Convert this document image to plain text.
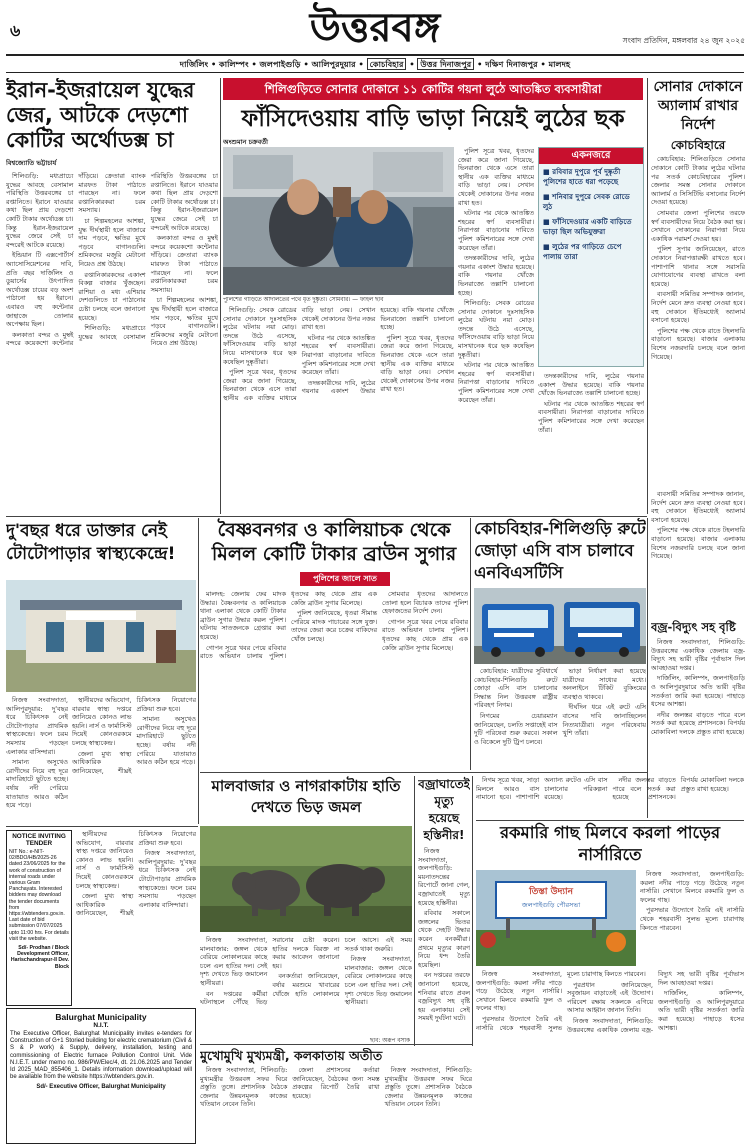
৬	উত্তরবঙ্গ	সংবাদ প্রতিদিন, মঙ্গলবার ২৪ জুন ২০২৫
দার্জিলিং • কালিম্পং • জলপাইগুড়ি • আলিপুরদুয়ার • কোচবিহার • উত্তর দিনাজপুর • দক্ষিণ দিনাজপুর • মালদহ
ইরান-ইজরায়েল যুদ্ধের জের, আটকে দেড়শো কোটির অর্থোডক্স চা
বিশ্বজ্যোতি ভট্টাচার্য

শিলিগুড়ি: মধ্যপ্রাচ্যে যুদ্ধের আবহে বেসামাল পরিস্থিতি উত্তরবঙ্গের চা রপ্তানিতে। ইরানে যাওয়ার কথা ছিল প্রায় দেড়শো কোটি টাকার অর্থোডক্স চা। কিন্তু ইরান-ইজরায়েল যুদ্ধের জেরে সেই চা বন্দরেই আটকে রয়েছে।

ইন্ডিয়ান টি এক্সপোর্টার্স অ্যাসোসিয়েশনের দাবি, প্রতি বছর দার্জিলিং ও ডুয়ার্সের উৎপাদিত অর্থোডক্স চায়ের বড় অংশ পাঠানো হয় ইরানে। এবারও বহু কন্টেনার জাহাজে তোলার অপেক্ষায় ছিল।

কলকাতা বন্দর ও মুম্বই বন্দরে কয়েকশো কন্টেনার দাঁড়িয়ে। ক্রেতারা ব্যাংক মারফত টাকা পাঠাতে পারছেন না। ফলে রপ্তানিকারকরা চরম সমস্যায়।

চা শিল্পমহলের আশঙ্কা, যুদ্ধ দীর্ঘস্থায়ী হলে বাজারে দাম পড়বে, ক্ষতির মুখে পড়বে বাগানগুলি। শ্রমিকদের মজুরি মেটানো নিয়েও প্রশ্ন উঠছে।

রপ্তানিকারকদের একাংশ বিকল্প বাজার খুঁজছেন। রাশিয়া ও মধ্য এশিয়ার দেশগুলিতে চা পাঠানোর চেষ্টা চলছে বলে জানানো হয়েছে।

শিলিগুড়ি: মধ্যপ্রাচ্যে যুদ্ধের আবহে বেসামাল পরিস্থিতি উত্তরবঙ্গের চা রপ্তানিতে। ইরানে যাওয়ার কথা ছিল প্রায় দেড়শো কোটি টাকার অর্থোডক্স চা। কিন্তু ইরান-ইজরায়েল যুদ্ধের জেরে সেই চা বন্দরেই আটকে রয়েছে।

কলকাতা বন্দর ও মুম্বই বন্দরে কয়েকশো কন্টেনার দাঁড়িয়ে। ক্রেতারা ব্যাংক মারফত টাকা পাঠাতে পারছেন না। ফলে রপ্তানিকারকরা চরম সমস্যায়।

চা শিল্পমহলের আশঙ্কা, যুদ্ধ দীর্ঘস্থায়ী হলে বাজারে দাম পড়বে, ক্ষতির মুখে পড়বে বাগানগুলি। শ্রমিকদের মজুরি মেটানো নিয়েও প্রশ্ন উঠছে।

শিলিগুড়িতে সোনার দোকানে ১১ কোটির গয়না লুঠে আতঙ্কিত ব্যবসায়ীরা
ফাঁসিদেওয়ায় বাড়ি ভাড়া নিয়েই লুঠের ছক
অংশুমান চক্রবর্তী
পুলিশের গাড়িতে আদালতের পথে ধৃত দুষ্কৃতী। সোমবার। — ফাইল ছবি

শিলিগুড়ি: সেবক রোডের সোনার দোকানে দুঃসাহসিক লুঠের ঘটনায় নয়া মোড়। তদন্তে উঠে এসেছে, ফাঁসিদেওয়ায় বাড়ি ভাড়া নিয়ে মাসখানেক ধরে ছক কষেছিল দুষ্কৃতীরা।

পুলিশ সূত্রে খবর, ধৃতদের জেরা করে জানা গিয়েছে, ভিনরাজ্য থেকে এসে তারা স্থানীয় এক ব্যক্তির মাধ্যমে বাড়ি ভাড়া নেয়। সেখান থেকেই দোকানের উপর নজর রাখা হত।

ঘটনার পর থেকে আতঙ্কিত শহরের স্বর্ণ ব্যবসায়ীরা। নিরাপত্তা বাড়ানোর দাবিতে পুলিশ কমিশনারের সঙ্গে দেখা করেছেন তাঁরা।

তদন্তকারীদের দাবি, লুঠের গয়নার একাংশ উদ্ধার হয়েছে। বাকি গয়নার খোঁজে ভিনরাজ্যে তল্লাশি চালানো হচ্ছে।

পুলিশ সূত্রে খবর, ধৃতদের জেরা করে জানা গিয়েছে, ভিনরাজ্য থেকে এসে তারা স্থানীয় এক ব্যক্তির মাধ্যমে বাড়ি ভাড়া নেয়। সেখান থেকেই দোকানের উপর নজর রাখা হত।

পুলিশ সূত্রে খবর, ধৃতদের জেরা করে জানা গিয়েছে, ভিনরাজ্য থেকে এসে তারা স্থানীয় এক ব্যক্তির মাধ্যমে বাড়ি ভাড়া নেয়। সেখান থেকেই দোকানের উপর নজর রাখা হত।

ঘটনার পর থেকে আতঙ্কিত শহরের স্বর্ণ ব্যবসায়ীরা। নিরাপত্তা বাড়ানোর দাবিতে পুলিশ কমিশনারের সঙ্গে দেখা করেছেন তাঁরা।

তদন্তকারীদের দাবি, লুঠের গয়নার একাংশ উদ্ধার হয়েছে। বাকি গয়নার খোঁজে ভিনরাজ্যে তল্লাশি চালানো হচ্ছে।

শিলিগুড়ি: সেবক রোডের সোনার দোকানে দুঃসাহসিক লুঠের ঘটনায় নয়া মোড়। তদন্তে উঠে এসেছে, ফাঁসিদেওয়ায় বাড়ি ভাড়া নিয়ে মাসখানেক ধরে ছক কষেছিল দুষ্কৃতীরা।

ঘটনার পর থেকে আতঙ্কিত শহরের স্বর্ণ ব্যবসায়ীরা। নিরাপত্তা বাড়ানোর দাবিতে পুলিশ কমিশনারের সঙ্গে দেখা করেছেন তাঁরা।

একনজরে
■ রবিবার দুপুরে পূর্ব দুষ্কৃতী পুলিশের হাতে ধরা পড়েছে
■ শনিবার দুপুরে সেবক রোডে লুঠ
■ ফাঁসিদেওয়ার একটি বাড়িতে ভাড়া ছিল অভিযুক্তরা
■ লুঠের পর গাড়িতে চেপে পালায় তারা

তদন্তকারীদের দাবি, লুঠের গয়নার একাংশ উদ্ধার হয়েছে। বাকি গয়নার খোঁজে ভিনরাজ্যে তল্লাশি চালানো হচ্ছে।

ঘটনার পর থেকে আতঙ্কিত শহরের স্বর্ণ ব্যবসায়ীরা। নিরাপত্তা বাড়ানোর দাবিতে পুলিশ কমিশনারের সঙ্গে দেখা করেছেন তাঁরা।

সোনার দোকানে অ্যালার্ম রাখার নির্দেশ
কোচবিহারে

কোচবিহার: শিলিগুড়িতে সোনার দোকানে কোটি টাকার লুঠের ঘটনার পর সতর্ক কোচবিহারের পুলিশ। জেলার সমস্ত সোনার দোকানে অ্যালার্ম ও সিসিটিভি বসানোর নির্দেশ দেওয়া হয়েছে।

সোমবার জেলা পুলিশের তরফে স্বর্ণ ব্যবসায়ীদের নিয়ে বৈঠক করা হয়। সেখানে দোকানের নিরাপত্তা নিয়ে একাধিক পরামর্শ দেওয়া হয়।

পুলিশ সুপার জানিয়েছেন, রাতে দোকানে নিরাপত্তারক্ষী রাখতে হবে। পাশাপাশি থানার সঙ্গে সরাসরি যোগাযোগের ব্যবস্থা রাখতে বলা হয়েছে।

ব্যবসায়ী সমিতির সম্পাদক জানান, নির্দেশ মেনে দ্রুত ব্যবস্থা নেওয়া হবে। বহু দোকানে ইতিমধ্যেই অ্যালার্ম বসানো হয়েছে।

পুলিশের পক্ষ থেকে রাতে টহলদারি বাড়ানো হয়েছে। বাজার এলাকায় বিশেষ নজরদারি চলছে বলে জানা গিয়েছে।

বৈষ্ণবনগর ও কালিয়াচক থেকে মিলল কোটি টাকার ব্রাউন সুগার
পুলিশের জালে সাত

মালদহ: জেলায় ফের মাদক উদ্ধার। বৈষ্ণবনগর ও কালিয়াচক থানা এলাকা থেকে কোটি টাকার ব্রাউন সুগার উদ্ধার করল পুলিশ। ঘটনায় সাতজনকে গ্রেপ্তার করা হয়েছে।

গোপন সূত্রে খবর পেয়ে রবিবার রাতে অভিযান চালায় পুলিশ। ধৃতদের কাছ থেকে প্রায় এক কেজি ব্রাউন সুগার মিলেছে।

পুলিশ জানিয়েছে, ধৃতরা সীমান্ত পেরিয়ে মাদক পাচারের সঙ্গে যুক্ত। তাদের জেরা করে চক্রের বাকিদের খোঁজ চলছে।

সোমবার ধৃতদের আদালতে তোলা হলে বিচারক তাদের পুলিশ হেফাজতের নির্দেশ দেন।

গোপন সূত্রে খবর পেয়ে রবিবার রাতে অভিযান চালায় পুলিশ। ধৃতদের কাছ থেকে প্রায় এক কেজি ব্রাউন সুগার মিলেছে।

দু'বছর ধরে ডাক্তার নেই টোটোপাড়ার স্বাস্থ্যকেন্দ্রে!

নিজস্ব সংবাদদাতা, আলিপুরদুয়ার: দু'বছর ধরে চিকিৎসক নেই টোটোপাড়ার প্রাথমিক স্বাস্থ্যকেন্দ্রে। ফলে চরম সমস্যায় পড়ছেন এলাকার বাসিন্দারা।

সামান্য অসুখেও রোগীদের নিয়ে বহু দূরে মাদারিহাটে ছুটতে হচ্ছে। বর্ষায় নদী পেরিয়ে যাতায়াত আরও কঠিন হয়ে পড়ে।

স্থানীয়দের অভিযোগ, বারবার স্বাস্থ্য দপ্তরে জানিয়েও কোনও লাভ হয়নি। নার্স ও ফার্মাসিস্ট দিয়েই কোনওরকমে চলছে স্বাস্থ্যকেন্দ্র।

জেলা মুখ্য স্বাস্থ্য আধিকারিক জানিয়েছেন, শীঘ্রই চিকিৎসক নিয়োগের প্রক্রিয়া শুরু হবে।

সামান্য অসুখেও রোগীদের নিয়ে বহু দূরে মাদারিহাটে ছুটতে হচ্ছে। বর্ষায় নদী পেরিয়ে যাতায়াত আরও কঠিন হয়ে পড়ে।

কোচবিহার-শিলিগুড়ি রুটে জোড়া এসি বাস চালাবে এনবিএসটিসি

কোচবিহার: যাত্রীদের সুবিধার্থে কোচবিহার-শিলিগুড়ি রুটে জোড়া এসি বাস চালানোর সিদ্ধান্ত নিল উত্তরবঙ্গ রাষ্ট্রীয় পরিবহণ নিগম।

নিগমের চেয়ারম্যান জানিয়েছেন, চলতি সপ্তাহেই বাস দুটি পরিষেবা শুরু করবে। সকাল ও বিকেলে দুটি ট্রিপ চলবে।

ভাড়া নির্ধারণ করা হয়েছে যাত্রীদের সাধ্যের মধ্যে। অনলাইনে টিকিট বুকিংয়ের ব্যবস্থাও থাকবে।

দীর্ঘদিন ধরে এই রুটে এসি বাসের দাবি জানাচ্ছিলেন নিত্যযাত্রীরা। নতুন পরিষেবায় খুশি তাঁরা।

ব্যবসায়ী সমিতির সম্পাদক জানান, নির্দেশ মেনে দ্রুত ব্যবস্থা নেওয়া হবে। বহু দোকানে ইতিমধ্যেই অ্যালার্ম বসানো হয়েছে।

পুলিশের পক্ষ থেকে রাতে টহলদারি বাড়ানো হয়েছে। বাজার এলাকায় বিশেষ নজরদারি চলছে বলে জানা গিয়েছে।

বজ্র-বিদ্যুৎ সহ বৃষ্টি

নিজস্ব সংবাদদাতা, শিলিগুড়ি: উত্তরবঙ্গের একাধিক জেলায় বজ্র-বিদ্যুৎ সহ ভারী বৃষ্টির পূর্বাভাস দিল আবহাওয়া দপ্তর।

দার্জিলিং, কালিম্পং, জলপাইগুড়ি ও আলিপুরদুয়ারে অতি ভারী বৃষ্টির সতর্কতা জারি করা হয়েছে। পাহাড়ে ধসের আশঙ্কা।

নদীর জলস্তর বাড়তে পারে বলে সতর্ক করা হয়েছে প্রশাসনকে। বিপর্যয় মোকাবিলা দলকে প্রস্তুত রাখা হয়েছে।

মালবাজার ও নাগরাকাটায় হাতি দেখতে ভিড় জমল

নিজস্ব সংবাদদাতা, মালবাজার: জঙ্গল থেকে বেরিয়ে লোকালয়ের কাছে চলে এল হাতির দল। সেই দৃশ্য দেখতে ভিড় জমালেন স্থানীয়রা।

বন দপ্তরের কর্মীরা ঘটনাস্থলে পৌঁছে ভিড় সরানোর চেষ্টা করেন। হাতির দলকে বিরক্ত না করার আবেদন জানানো হয়।

বনকর্তারা জানিয়েছেন, বর্ষার মরশুমে খাবারের খোঁজে হাতি লোকালয়ে চলে আসে। এই সময় সতর্ক থাকা জরুরি।

নিজস্ব সংবাদদাতা, মালবাজার: জঙ্গল থেকে বেরিয়ে লোকালয়ের কাছে চলে এল হাতির দল। সেই দৃশ্য দেখতে ভিড় জমালেন স্থানীয়রা।

ছবি: অরূপ বসাক
বজ্রাঘাতেই মৃত্যু হয়েছে হস্তিনীর!

নিজস্ব সংবাদদাতা, জলপাইগুড়ি: ময়নাতদন্তের রিপোর্টে জানা গেল, বজ্রাঘাতেই মৃত্যু হয়েছে হস্তিনীর।

রবিবার সকালে জঙ্গলের ভিতর থেকে দেহটি উদ্ধার করেন বনকর্মীরা। প্রথমে মৃত্যুর কারণ নিয়ে ধন্দ তৈরি হয়েছিল।

বন দপ্তরের তরফে জানানো হয়েছে, শনিবার রাতে প্রবল বজ্রবিদ্যুৎ সহ বৃষ্টি হয় এলাকায়। সেই সময়ই দুর্ঘটনা ঘটে।

নিগম সূত্রে খবর, সাড়া মিললে আরও বাস নামানো হবে। পাশাপাশি অন্যান্য রুটেও এসি বাস চালানোর পরিকল্পনা রয়েছে।

নদীর জলস্তর বাড়তে পারে বলে সতর্ক করা হয়েছে প্রশাসনকে। বিপর্যয় মোকাবিলা দলকে প্রস্তুত রাখা হয়েছে।

রকমারি গাছ মিলবে করলা পাড়ের নার্সারিতে
তিস্তা উদ্যান
জলপাইগুড়ি পৌরসভা

নিজস্ব সংবাদদাতা, জলপাইগুড়ি: করলা নদীর পাড়ে গড়ে উঠেছে নতুন নার্সারি। সেখানে মিলবে রকমারি ফুল ও ফলের গাছ।

পুরসভার উদ্যোগে তৈরি এই নার্সারি থেকে শহরবাসী সুলভ মূল্যে চারাগাছ কিনতে পারবেন।

নিজস্ব সংবাদদাতা, জলপাইগুড়ি: করলা নদীর পাড়ে গড়ে উঠেছে নতুন নার্সারি। সেখানে মিলবে রকমারি ফুল ও ফলের গাছ।

পুরসভার উদ্যোগে তৈরি এই নার্সারি থেকে শহরবাসী সুলভ মূল্যে চারাগাছ কিনতে পারবেন।

পুরপ্রধান জানিয়েছেন, সবুজায়ন বাড়াতেই এই উদ্যোগ। পরিবেশ রক্ষায় সকলকে এগিয়ে আসার আহ্বান জানান তিনি।

নিজস্ব সংবাদদাতা, শিলিগুড়ি: উত্তরবঙ্গের একাধিক জেলায় বজ্র-বিদ্যুৎ সহ ভারী বৃষ্টির পূর্বাভাস দিল আবহাওয়া দপ্তর।

দার্জিলিং, কালিম্পং, জলপাইগুড়ি ও আলিপুরদুয়ারে অতি ভারী বৃষ্টির সতর্কতা জারি করা হয়েছে। পাহাড়ে ধসের আশঙ্কা।

NOTICE INVITING TENDER
NIT No.: e-NIT-02/BDO/HB/2025-26 dated 23/06/2025 for the work of construction of internal roads under various Gram Panchayats. Interested bidders may download the tender documents from https://wbtenders.gov.in. Last date of bid submission 07/07/2025 upto 11:00 hrs. For details visit the website.
Sd/- Prodhan / Block Development Officer, Harischandrapur-II Dev. Block

স্থানীয়দের অভিযোগ, বারবার স্বাস্থ্য দপ্তরে জানিয়েও কোনও লাভ হয়নি। নার্স ও ফার্মাসিস্ট দিয়েই কোনওরকমে চলছে স্বাস্থ্যকেন্দ্র।

জেলা মুখ্য স্বাস্থ্য আধিকারিক জানিয়েছেন, শীঘ্রই চিকিৎসক নিয়োগের প্রক্রিয়া শুরু হবে।

নিজস্ব সংবাদদাতা, আলিপুরদুয়ার: দু'বছর ধরে চিকিৎসক নেই টোটোপাড়ার প্রাথমিক স্বাস্থ্যকেন্দ্রে। ফলে চরম সমস্যায় পড়ছেন এলাকার বাসিন্দারা।

Balurghat Municipality
N.I.T.
The Executive Officer, Balurghat Municipality invites e-tenders for Construction of G+1 Storied building for electric crematorium (Civil & S & P work) & Supply, delivery, installation, testing and commissioning of Electric furnace Pollution Control Unit. Vide N.I.E.T. under memo no. 986/PW/Elec/4, dt. 21.06.2025 and Tender Id 2025_MAD_855406_1. Details information download/upload will be available from the website https://wbtenders.gov.in.
Sd/- Executive Officer, Balurghat Municipality
মুখোমুখি মুখ্যমন্ত্রী, কলকাতায় অতীত

নিজস্ব সংবাদদাতা, শিলিগুড়ি: মুখ্যমন্ত্রীর উত্তরবঙ্গ সফর ঘিরে প্রস্তুতি তুঙ্গে। প্রশাসনিক বৈঠকে জেলার উন্নয়নমূলক কাজের খতিয়ান নেবেন তিনি।

জেলা প্রশাসনের কর্তারা জানিয়েছেন, বৈঠকের জন্য সমস্ত প্রকল্পের রিপোর্ট তৈরি রাখা হয়েছে।

নিজস্ব সংবাদদাতা, শিলিগুড়ি: মুখ্যমন্ত্রীর উত্তরবঙ্গ সফর ঘিরে প্রস্তুতি তুঙ্গে। প্রশাসনিক বৈঠকে জেলার উন্নয়নমূলক কাজের খতিয়ান নেবেন তিনি।
